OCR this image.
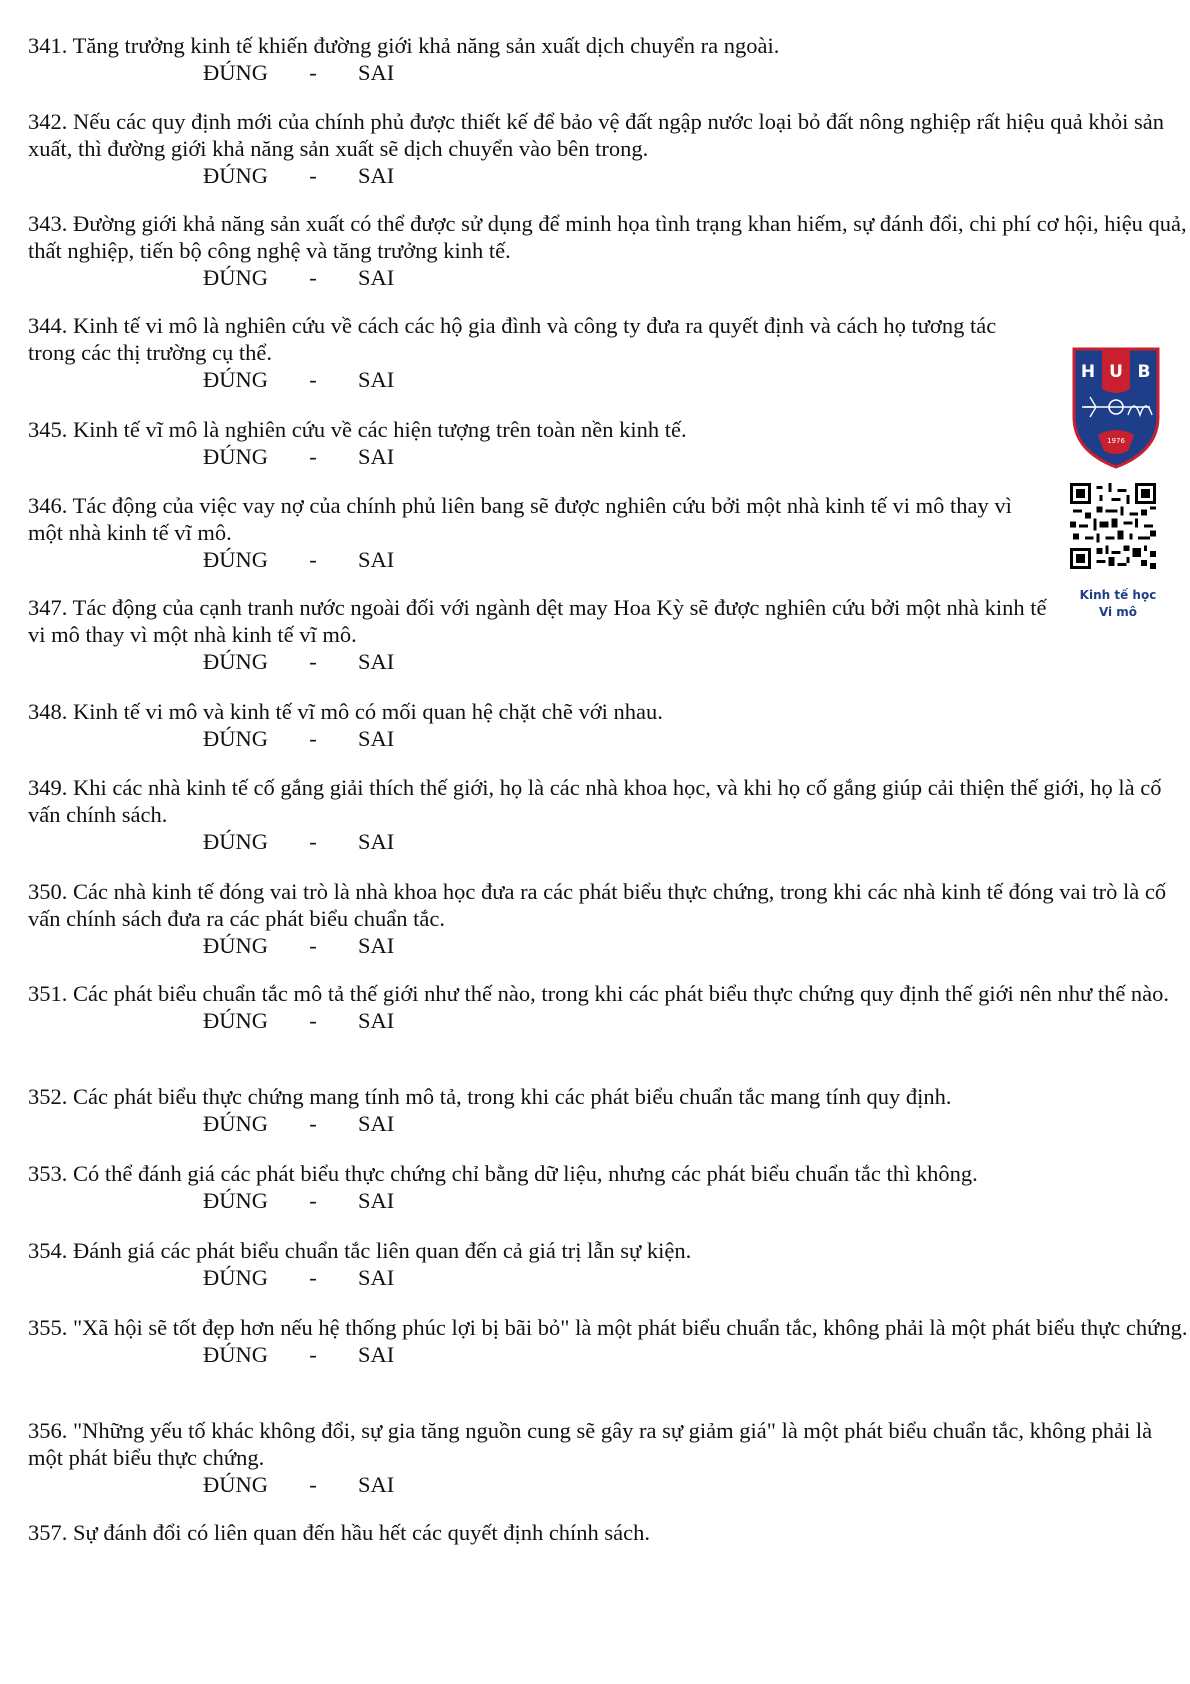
341. Tăng trưởng kinh tế khiến đường giới khả năng sản xuất dịch chuyển ra ngoài.
ĐÚNG - SAI
342. Nếu các quy định mới của chính phủ được thiết kế để bảo vệ đất ngập nước loại bỏ đất nông nghiệp rất hiệu quả khỏi sản xuất, thì đường giới khả năng sản xuất sẽ dịch chuyển vào bên trong.
ĐÚNG - SAI
343. Đường giới khả năng sản xuất có thể được sử dụng để minh họa tình trạng khan hiếm, sự đánh đổi, chi phí cơ hội, hiệu quả, thất nghiệp, tiến bộ công nghệ và tăng trưởng kinh tế.
ĐÚNG - SAI
344. Kinh tế vi mô là nghiên cứu về cách các hộ gia đình và công ty đưa ra quyết định và cách họ tương tác trong các thị trường cụ thể.
ĐÚNG - SAI
345. Kinh tế vĩ mô là nghiên cứu về các hiện tượng trên toàn nền kinh tế.
ĐÚNG - SAI
346. Tác động của việc vay nợ của chính phủ liên bang sẽ được nghiên cứu bởi một nhà kinh tế vi mô thay vì một nhà kinh tế vĩ mô.
ĐÚNG - SAI
347. Tác động của cạnh tranh nước ngoài đối với ngành dệt may Hoa Kỳ sẽ được nghiên cứu bởi một nhà kinh tế vi mô thay vì một nhà kinh tế vĩ mô.
ĐÚNG - SAI
348. Kinh tế vi mô và kinh tế vĩ mô có mối quan hệ chặt chẽ với nhau.
ĐÚNG - SAI
349. Khi các nhà kinh tế cố gắng giải thích thế giới, họ là các nhà khoa học, và khi họ cố gắng giúp cải thiện thế giới, họ là cố vấn chính sách.
ĐÚNG - SAI
350. Các nhà kinh tế đóng vai trò là nhà khoa học đưa ra các phát biểu thực chứng, trong khi các nhà kinh tế đóng vai trò là cố vấn chính sách đưa ra các phát biểu chuẩn tắc.
ĐÚNG - SAI
351. Các phát biểu chuẩn tắc mô tả thế giới như thế nào, trong khi các phát biểu thực chứng quy định thế giới nên như thế nào.
ĐÚNG - SAI
352. Các phát biểu thực chứng mang tính mô tả, trong khi các phát biểu chuẩn tắc mang tính quy định.
ĐÚNG - SAI
353. Có thể đánh giá các phát biểu thực chứng chỉ bằng dữ liệu, nhưng các phát biểu chuẩn tắc thì không.
ĐÚNG - SAI
354. Đánh giá các phát biểu chuẩn tắc liên quan đến cả giá trị lẫn sự kiện.
ĐÚNG - SAI
355. "Xã hội sẽ tốt đẹp hơn nếu hệ thống phúc lợi bị bãi bỏ" là một phát biểu chuẩn tắc, không phải là một phát biểu thực chứng.
ĐÚNG - SAI
356. "Những yếu tố khác không đổi, sự gia tăng nguồn cung sẽ gây ra sự giảm giá" là một phát biểu chuẩn tắc, không phải là một phát biểu thực chứng.
ĐÚNG - SAI
357. Sự đánh đổi có liên quan đến hầu hết các quyết định chính sách.
H U B
1976
Kinh tế học
Vi mô
